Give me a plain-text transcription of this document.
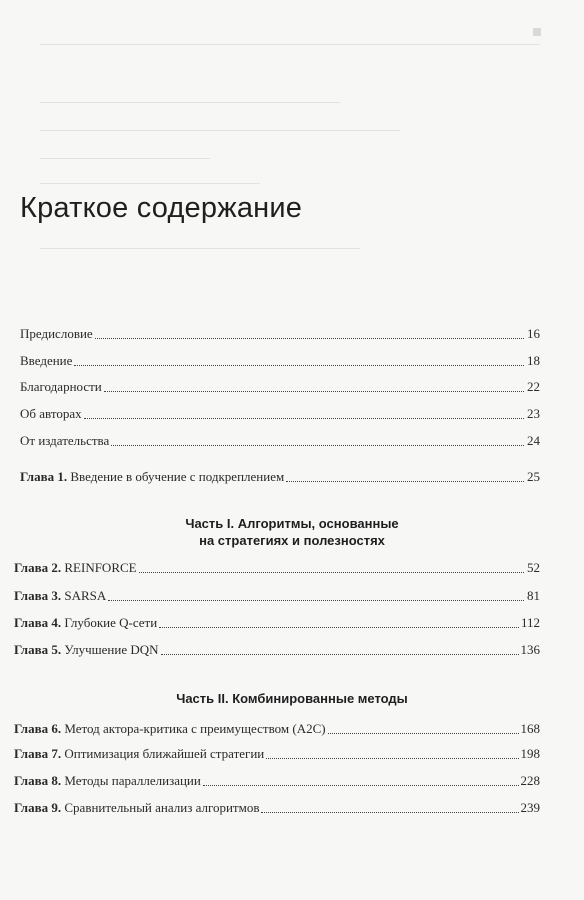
Краткое содержание
Предисловие	16
Введение	18
Благодарности	22
Об авторах	23
От издательства	24
Глава 1. Введение в обучение с подкреплением	25
Часть I. Алгоритмы, основанные
на стратегиях и полезностях
Глава 2. REINFORCE	52
Глава 3. SARSA	81
Глава 4. Глубокие Q-сети	112
Глава 5. Улучшение DQN	136
Часть II. Комбинированные методы
Глава 6. Метод актора-критика с преимуществом (A2C)	168
Глава 7. Оптимизация ближайшей стратегии	198
Глава 8. Методы параллелизации	228
Глава 9. Сравнительный анализ алгоритмов	239
